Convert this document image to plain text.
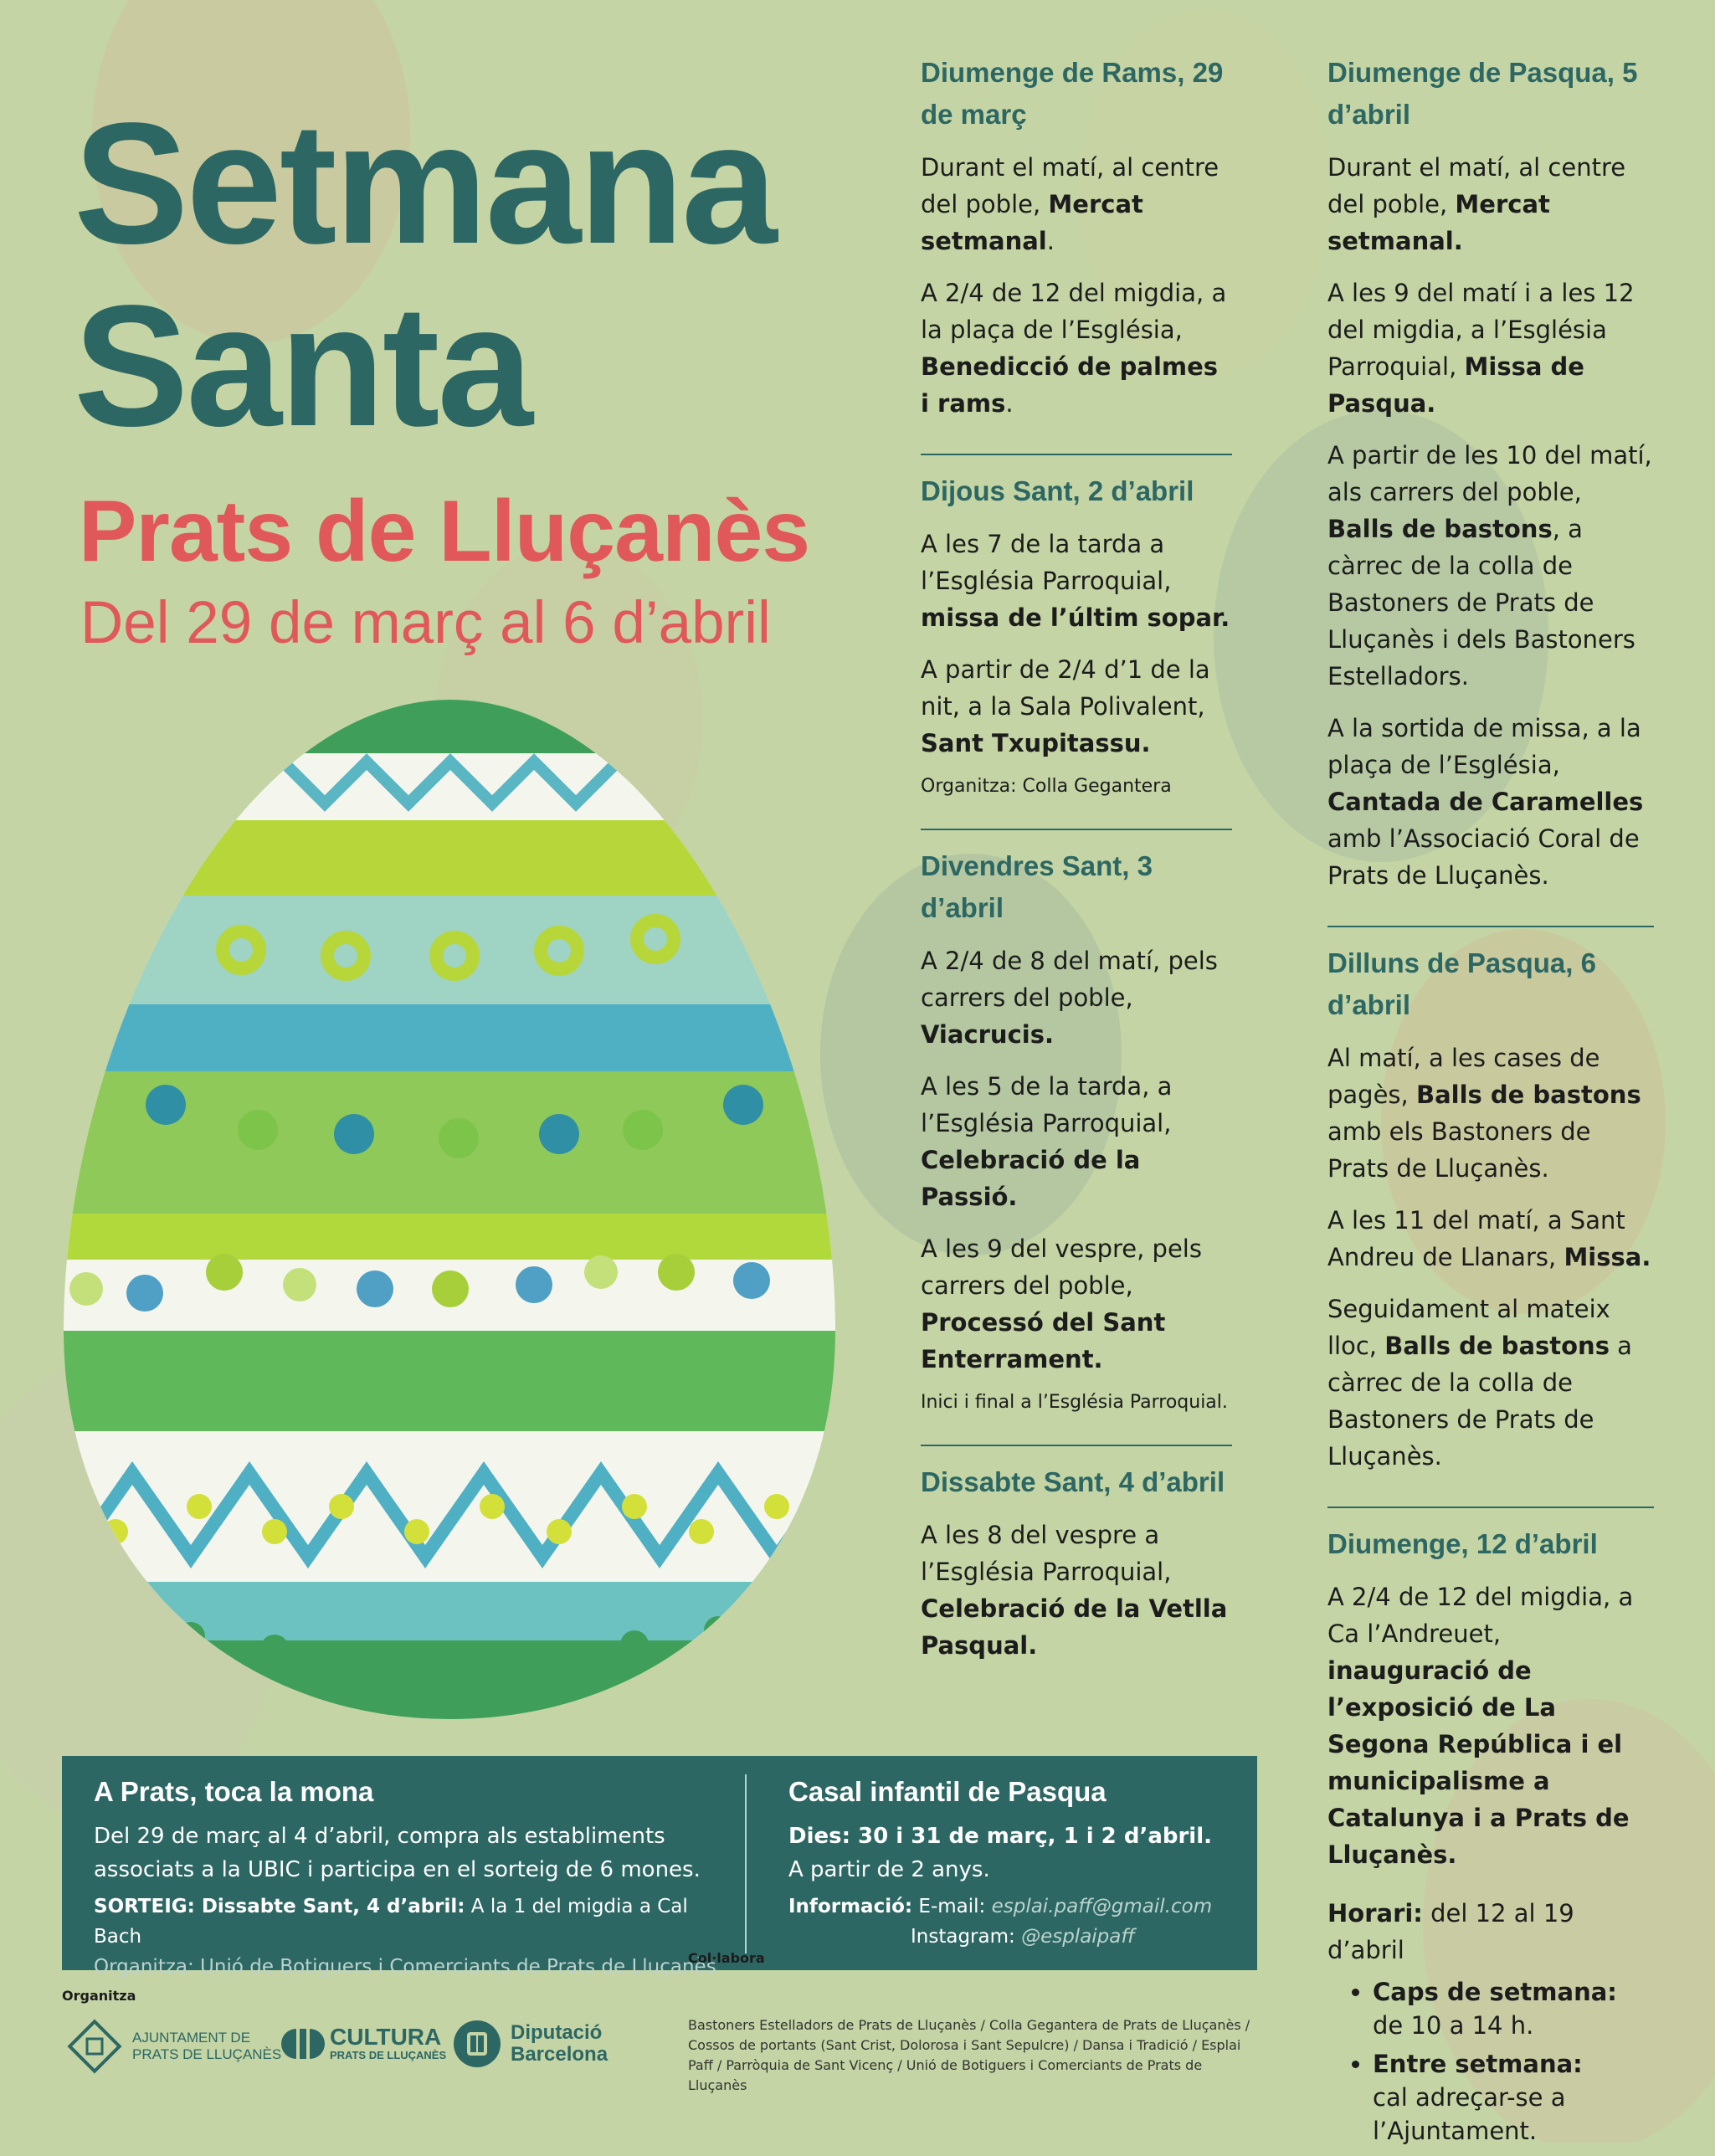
Setmana
Santa
Prats de Lluçanès

Del 29 de març al 6 d’abril

Diumenge de Rams, 29 de març

Durant el matí, al centre del poble, Mercat setmanal.

A 2/4 de 12 del migdia, a la plaça de l’Església, Benedicció de palmes i rams.

Dijous Sant, 2 d’abril

A les 7 de la tarda a l’Església Parroquial, missa de l’últim sopar.

A partir de 2/4 d’1 de la nit, a la Sala Polivalent, Sant Txupitassu.

Organitza: Colla Gegantera

Divendres Sant, 3 d’abril

A 2/4 de 8 del matí, pels carrers del poble, Viacrucis.

A les 5 de la tarda, a l’Església Parroquial, Celebració de la Passió.

A les 9 del vespre, pels carrers del poble, Processó del Sant Enterrament.

Inici i final a l’Església Parroquial.

Dissabte Sant, 4 d’abril

A les 8 del vespre a l’Església Parroquial, Celebració de la Vetlla Pasqual.

Diumenge de Pasqua, 5 d’abril

Durant el matí, al centre del poble, Mercat setmanal.

A les 9 del matí i a les 12 del migdia, a l’Església Parroquial, Missa de Pasqua.

A partir de les 10 del matí, als carrers del poble, Balls de bastons, a càrrec de la colla de Bastoners de Prats de Lluçanès i dels Bastoners Estelladors.

A la sortida de missa, a la plaça de l’Església, Cantada de Caramelles amb l’Associació Coral de Prats de Lluçanès.

Dilluns de Pasqua, 6 d’abril

Al matí, a les cases de pagès, Balls de bastons amb els Bastoners de Prats de Lluçanès.

A les 11 del matí, a Sant Andreu de Llanars, Missa.

Seguidament al mateix lloc, Balls de bastons a càrrec de la colla de Bastoners de Prats de Lluçanès.

Diumenge, 12 d’abril

A 2/4 de 12 del migdia, a Ca l’Andreuet, inauguració de l’exposició de La Segona República i el municipalisme a Catalunya i a Prats de Lluçanès.

Horari: del 12 al 19 d’abril

• Caps de setmana:
de 10 a 14 h.
• Entre setmana:
cal adreçar-se a l’Ajuntament.
A Prats, toca la mona

Del 29 de març al 4 d’abril, compra als establiments associats a la UBIC i participa en el sorteig de 6 mones.

SORTEIG: Dissabte Sant, 4 d’abril: A la 1 del migdia a Cal Bach

Organitza: Unió de Botiguers i Comerciants de Prats de Lluçanès

Casal infantil de Pasqua

Dies: 30 i 31 de març, 1 i 2 d’abril.

A partir de 2 anys.

Informació: E-mail: esplai.paff@gmail.com

Instagram: @esplaipaff

Organitza
AJUNTAMENT DE
PRATS DE LLUÇANÈS
CULTURA
PRATS DE LLUÇANÈS
Diputació
Barcelona
Col·labora
Bastoners Estelladors de Prats de Lluçanès / Colla Gegantera de Prats de Lluçanès / Cossos de portants (Sant Crist, Dolorosa i Sant Sepulcre) / Dansa i Tradició / Esplai Paff / Parròquia de Sant Vicenç / Unió de Botiguers i Comerciants de Prats de Lluçanès
